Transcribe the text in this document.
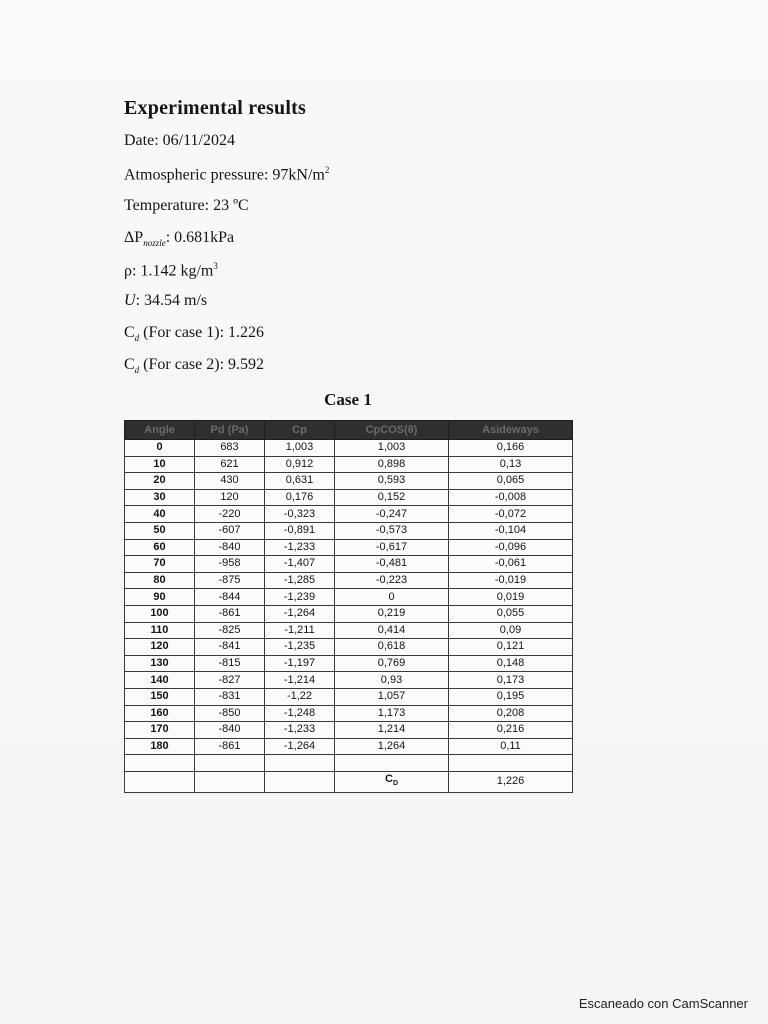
Experimental results
Date: 06/11/2024
Atmospheric pressure: $97kN/m^2$
Temperature: 23 ºC
$\Delta P_{nozzle}$: 0.681kPa
ρ: 1.142 $kg/m^3$
U: 34.54 m/s
$C_d$ (For case 1): 1.226
$C_d$ (For case 2): 9.592
Case 1
Angle	Pd (Pa)	Cp	CpCOS(θ)	Asideways
0	683	1,003	1,003	0,166
10	621	0,912	0,898	0,13
20	430	0,631	0,593	0,065
30	120	0,176	0,152	-0,008
40	-220	-0,323	-0,247	-0,072
50	-607	-0,891	-0,573	-0,104
60	-840	-1,233	-0,617	-0,096
70	-958	-1,407	-0,481	-0,061
80	-875	-1,285	-0,223	-0,019
90	-844	-1,239	0	0,019
100	-861	-1,264	0,219	0,055
110	-825	-1,211	0,414	0,09
120	-841	-1,235	0,618	0,121
130	-815	-1,197	0,769	0,148
140	-827	-1,214	0,93	0,173
150	-831	-1,22	1,057	0,195
160	-850	-1,248	1,173	0,208
170	-840	-1,233	1,214	0,216
180	-861	-1,264	1,264	0,11

			$C_D$	1,226
Escaneado con CamScanner
